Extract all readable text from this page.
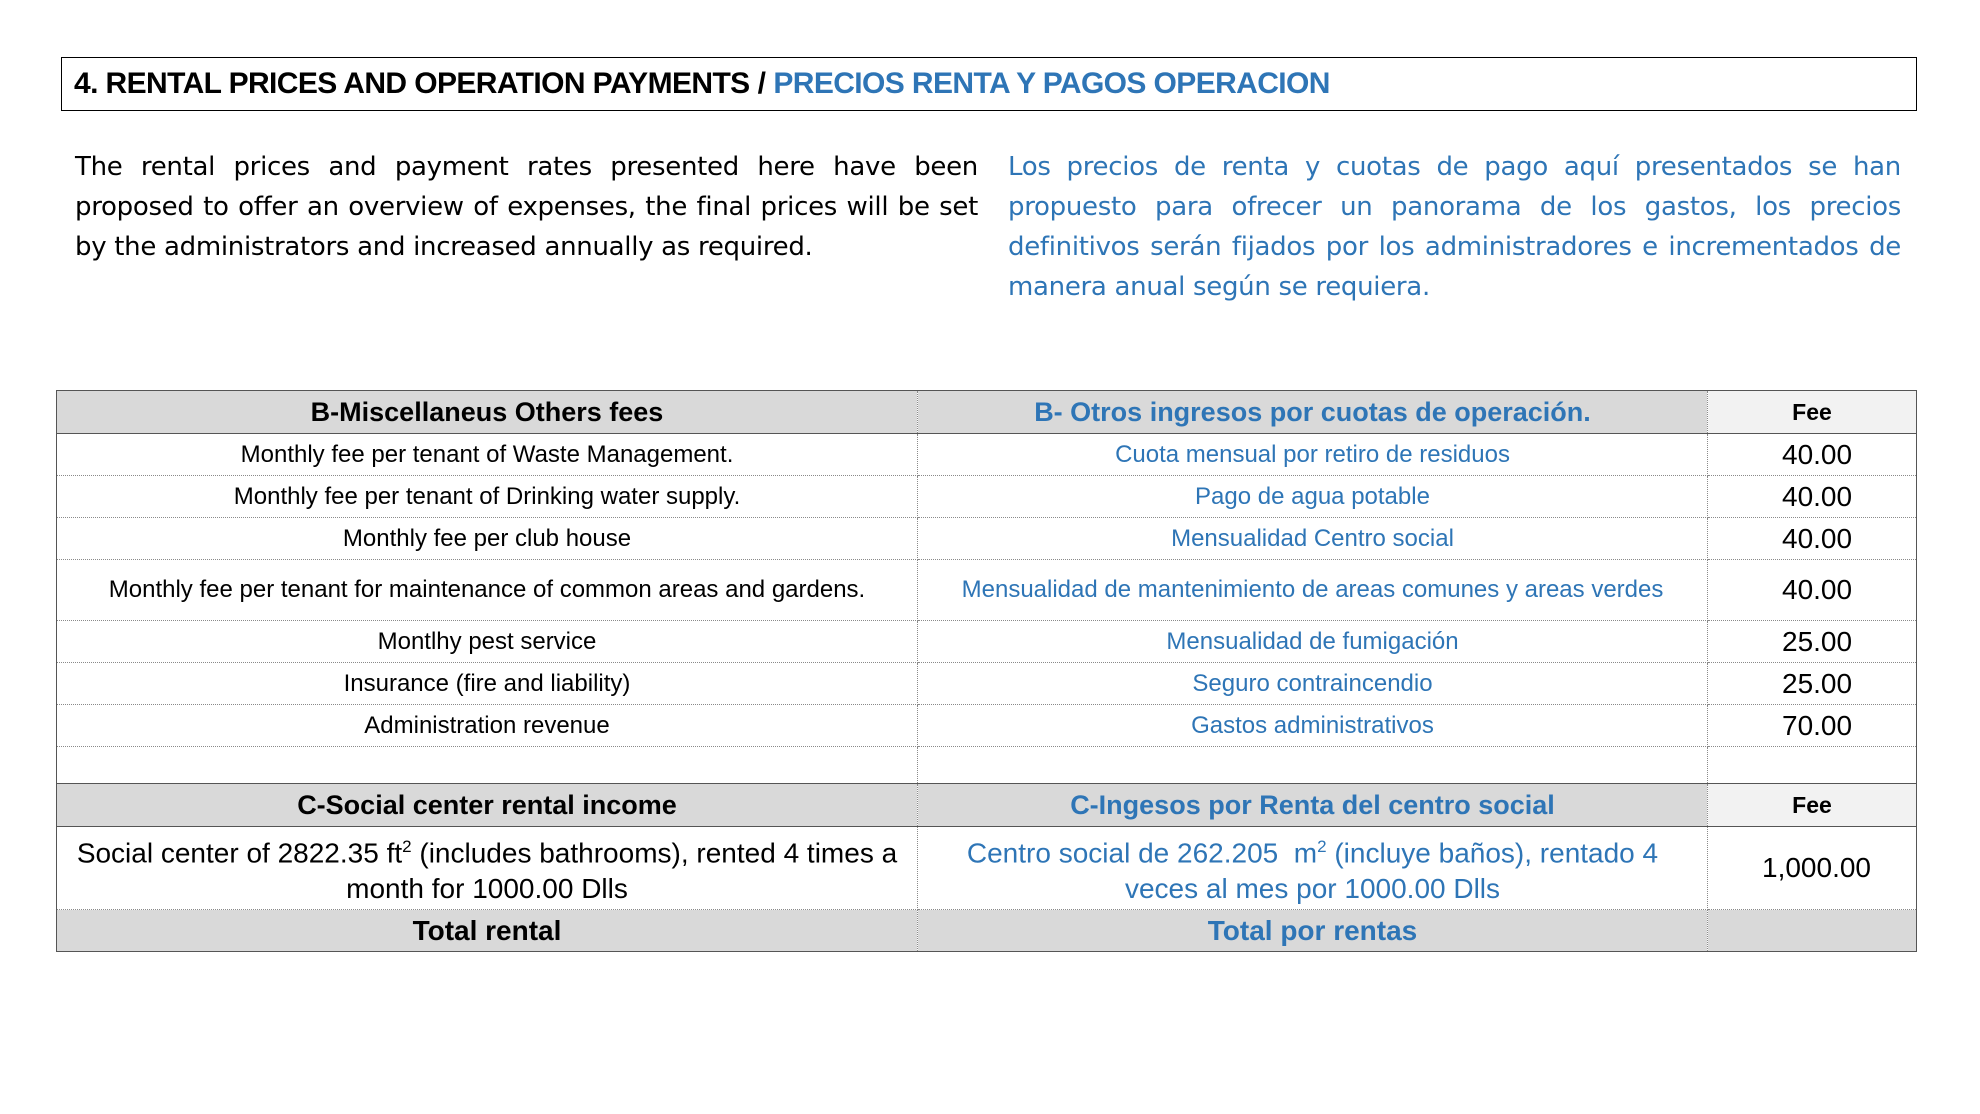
4. RENTAL PRICES AND OPERATION PAYMENTS / PRECIOS RENTA Y PAGOS OPERACION

The rental prices and payment rates presented here have been proposed to offer an overview of expenses, the final prices will be set by the administrators and increased annually as required.

Los precios de renta y cuotas de pago aquí presentados se han propuesto para ofrecer un panorama de los gastos, los precios definitivos serán fijados por los administradores e incrementados de manera anual según se requiera.

B-Miscellaneus Others fees	B- Otros ingresos por cuotas de operación.	Fee
Monthly fee per tenant of Waste Management.	Cuota mensual por retiro de residuos	40.00
Monthly fee per tenant of Drinking water supply.	Pago de agua potable	40.00
Monthly fee per club house	Mensualidad Centro social	40.00
Monthly fee per tenant for maintenance of common areas and gardens.	Mensualidad de mantenimiento de areas comunes y areas verdes	40.00
Montlhy pest service	Mensualidad de fumigación	25.00
Insurance (fire and liability)	Seguro contraincendio	25.00
Administration revenue	Gastos administrativos	70.00

C-Social center rental income	C-Ingesos por Renta del centro social	Fee
Social center of 2822.35 $ft^2$ (includes bathrooms), rented 4 times a month for 1000.00 Dlls	Centro social de 262.205  $m^2$ (incluye baños), rentado 4 veces al mes por 1000.00 Dlls	1,000.00
Total rental	Total por rentas	
